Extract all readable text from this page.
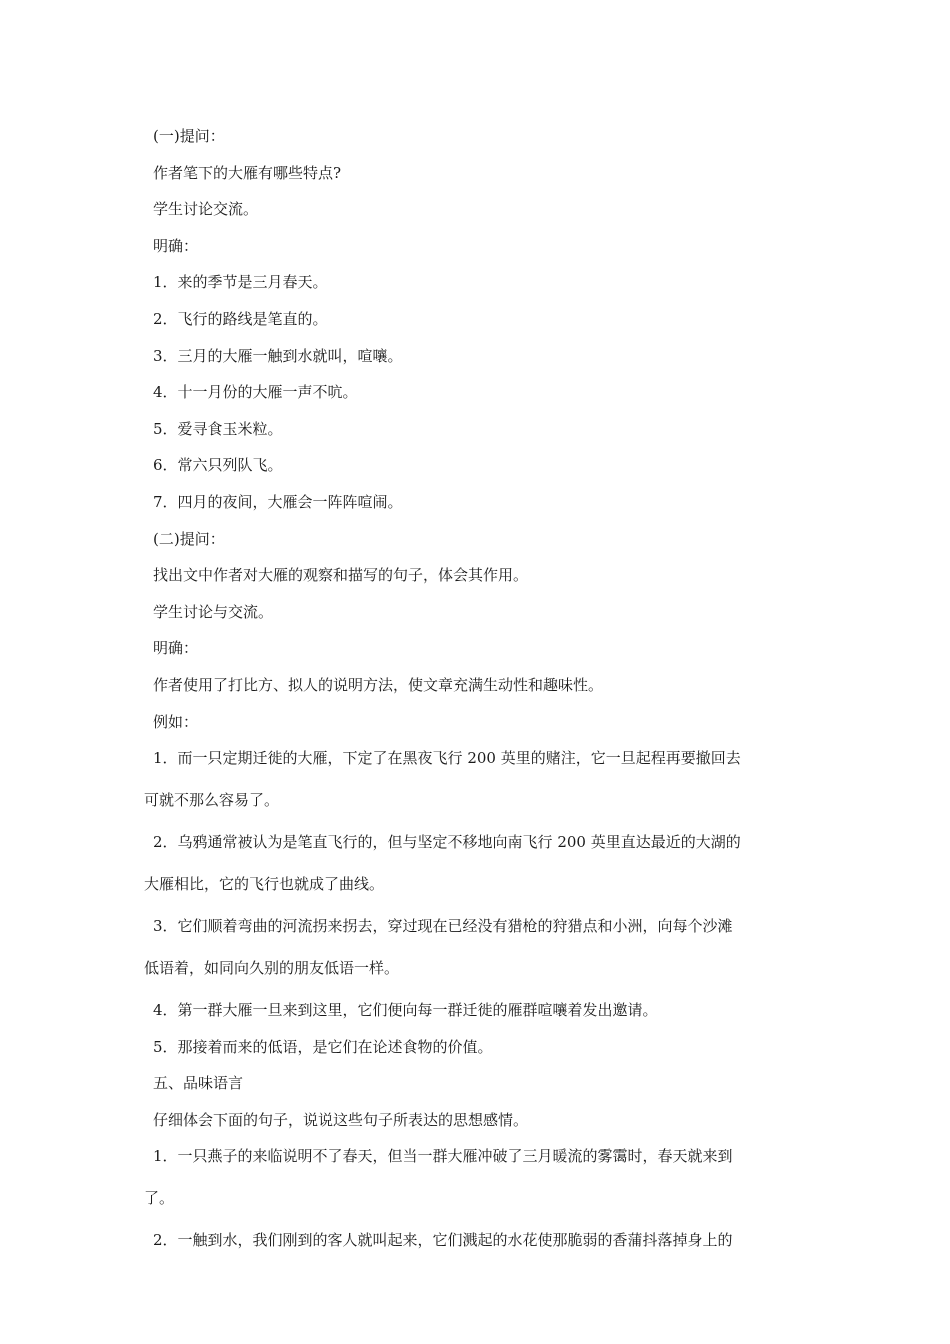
(一)提问：
作者笔下的大雁有哪些特点?
学生讨论交流。
明确：
1．来的季节是三月春天。
2．飞行的路线是笔直的。
3．三月的大雁一触到水就叫，喧嚷。
4．十一月份的大雁一声不吭。
5．爱寻食玉米粒。
6．常六只列队飞。
7．四月的夜间，大雁会一阵阵喧闹。
(二)提问：
找出文中作者对大雁的观察和描写的句子，体会其作用。
学生讨论与交流。
明确：
作者使用了打比方、拟人的说明方法，使文章充满生动性和趣味性。
例如：
1．而一只定期迁徙的大雁，下定了在黑夜飞行 200 英里的赌注，它一旦起程再要撤回去
可就不那么容易了。
2．乌鸦通常被认为是笔直飞行的，但与坚定不移地向南飞行 200 英里直达最近的大湖的
大雁相比，它的飞行也就成了曲线。
3．它们顺着弯曲的河流拐来拐去，穿过现在已经没有猎枪的狩猎点和小洲，向每个沙滩
低语着，如同向久别的朋友低语一样。
4．第一群大雁一旦来到这里，它们便向每一群迁徙的雁群喧嚷着发出邀请。
5．那接着而来的低语，是它们在论述食物的价值。
五、品味语言
仔细体会下面的句子，说说这些句子所表达的思想感情。
1．一只燕子的来临说明不了春天，但当一群大雁冲破了三月暖流的雾霭时，春天就来到
了。
2．一触到水，我们刚到的客人就叫起来，它们溅起的水花使那脆弱的香蒲抖落掉身上的
